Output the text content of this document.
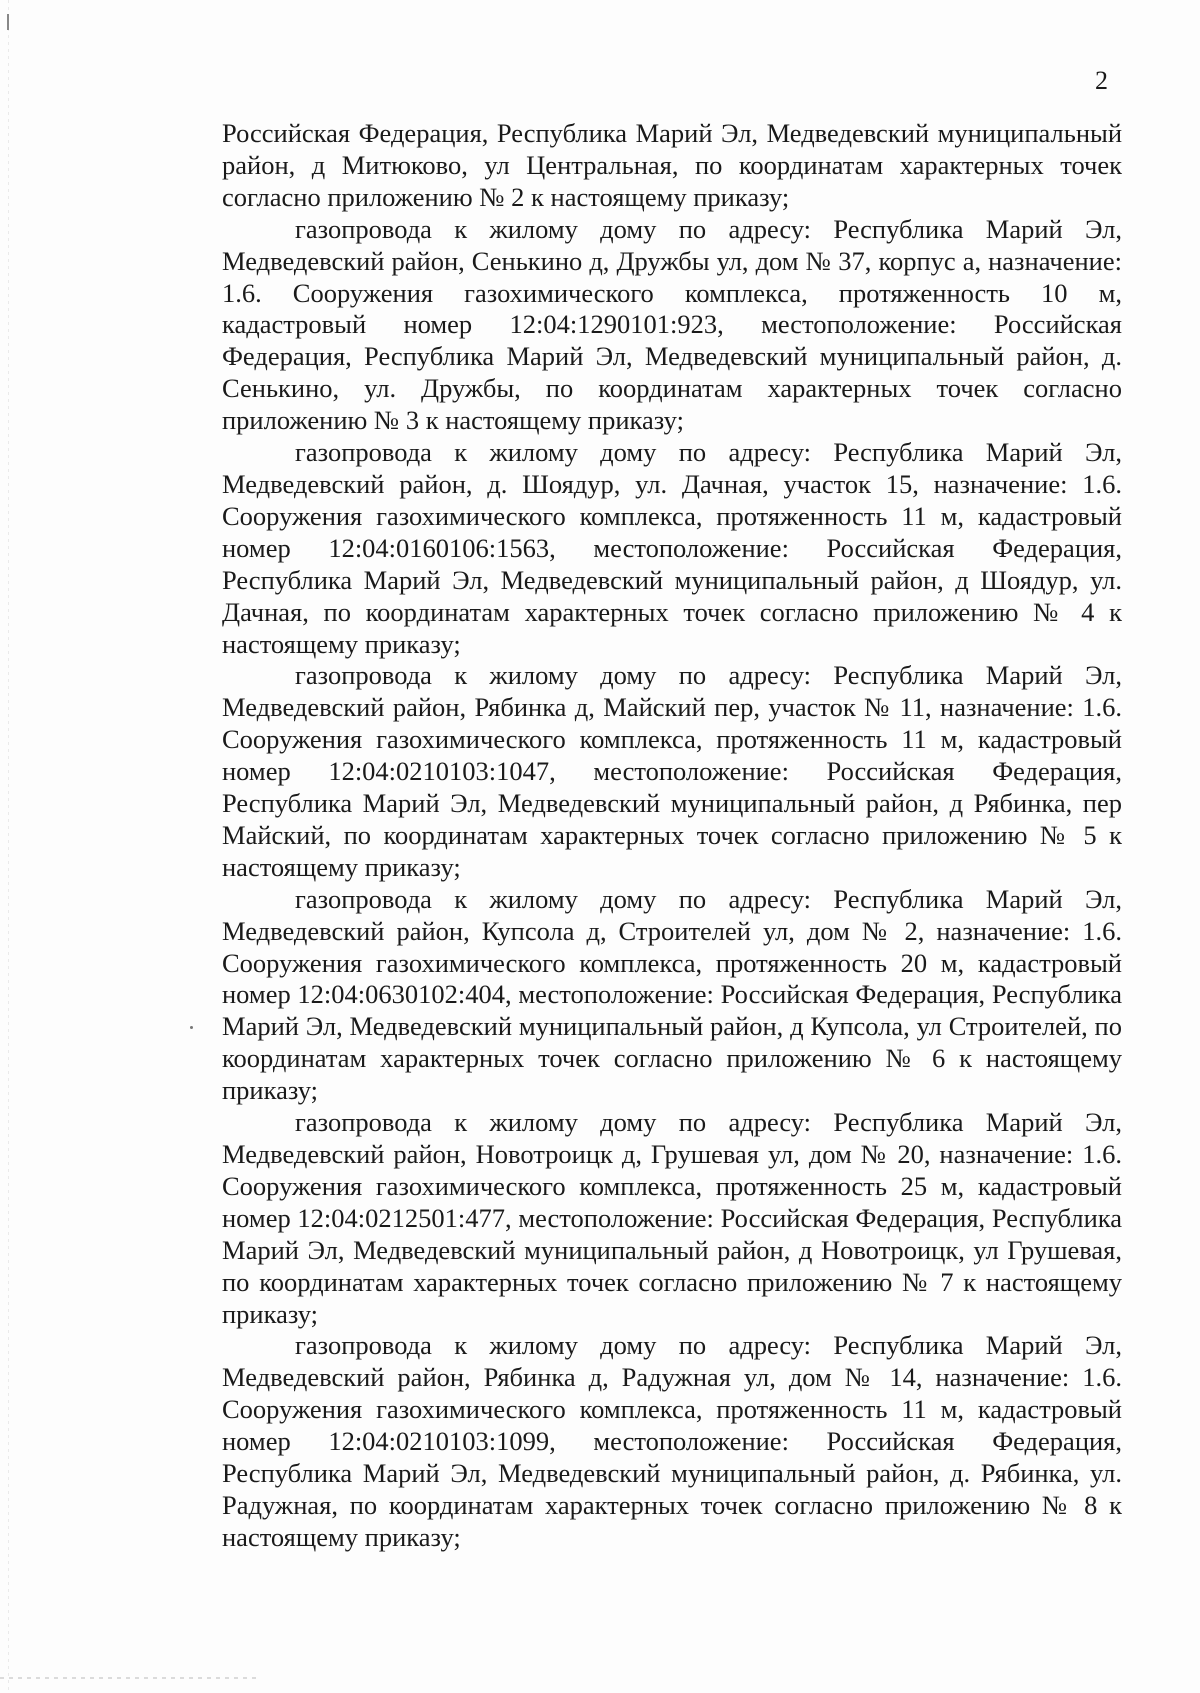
2

Российская Федерация, Республика Марий Эл, Медведевский муниципальный район, д Митюково, ул Центральная, по координатам характерных точек согласно приложению № 2 к настоящему приказу;

газопровода к жилому дому по адресу: Республика Марий Эл, Медведевский район, Сенькино д, Дружбы ул, дом № 37, корпус а, назначение: 1.6. Сооружения газохимического комплекса, протяженность 10 м, кадастровый номер 12:04:1290101:923, местоположение: Российская Федерация, Республика Марий Эл, Медведевский муниципальный район, д. Сенькино, ул. Дружбы, по координатам характерных точек согласно приложению № 3 к настоящему приказу;

газопровода к жилому дому по адресу: Республика Марий Эл, Медведевский район, д. Шоядур, ул. Дачная, участок 15, назначение: 1.6. Сооружения газохимического комплекса, протяженность 11 м, кадастровый номер 12:04:0160106:1563, местоположение: Российская Федерация, Республика Марий Эл, Медведевский муниципальный район, д Шоядур, ул. Дачная, по координатам характерных точек согласно приложению № 4 к настоящему приказу;

газопровода к жилому дому по адресу: Республика Марий Эл, Медведевский район, Рябинка д, Майский пер, участок № 11, назначение: 1.6. Сооружения газохимического комплекса, протяженность 11 м, кадастровый номер 12:04:0210103:1047, местоположение: Российская Федерация, Республика Марий Эл, Медведевский муниципальный район, д Рябинка, пер Майский, по координатам характерных точек согласно приложению № 5 к настоящему приказу;

газопровода к жилому дому по адресу: Республика Марий Эл, Медведевский район, Купсола д, Строителей ул, дом № 2, назначение: 1.6. Сооружения газохимического комплекса, протяженность 20 м, кадастровый номер 12:04:0630102:404, местоположение: Российская Федерация, Республика Марий Эл, Медведевский муниципальный район, д Купсола, ул Строителей, по координатам характерных точек согласно приложению № 6 к настоящему приказу;

газопровода к жилому дому по адресу: Республика Марий Эл, Медведевский район, Новотроицк д, Грушевая ул, дом № 20, назначение: 1.6. Сооружения газохимического комплекса, протяженность 25 м, кадастровый номер 12:04:0212501:477, местоположение: Российская Федерация, Республика Марий Эл, Медведевский муниципальный район, д Новотроицк, ул Грушевая, по координатам характерных точек согласно приложению № 7 к настоящему приказу;

газопровода к жилому дому по адресу: Республика Марий Эл, Медведевский район, Рябинка д, Радужная ул, дом № 14, назначение: 1.6. Сооружения газохимического комплекса, протяженность 11 м, кадастровый номер 12:04:0210103:1099, местоположение: Российская Федерация, Республика Марий Эл, Медведевский муниципальный район, д. Рябинка, ул. Радужная, по координатам характерных точек согласно приложению № 8 к настоящему приказу;
